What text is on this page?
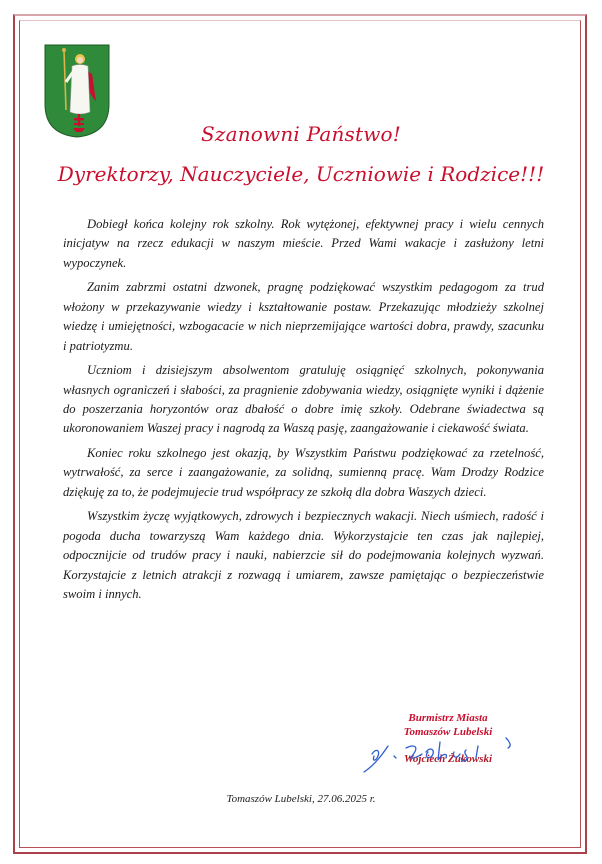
Szanowni Państwo!
Dyrektorzy, Nauczyciele, Uczniowie i Rodzice!!!

Dobiegł końca kolejny rok szkolny. Rok wytężonej, efektywnej pracy i wielu cennych inicjatyw na rzecz edukacji w naszym mieście. Przed Wami wakacje i zasłużony letni wypoczynek.

Zanim zabrzmi ostatni dzwonek, pragnę podziękować wszystkim pedagogom za trud włożony w przekazywanie wiedzy i kształtowanie postaw. Przekazując młodzieży szkolnej wiedzę i umiejętności, wzbogacacie w nich nieprzemijające wartości dobra, prawdy, szacunku i patriotyzmu.

Uczniom i dzisiejszym absolwentom gratuluję osiągnięć szkolnych, pokonywania własnych ograniczeń i słabości, za pragnienie zdobywania wiedzy, osiągnięte wyniki i dążenie do poszerzania horyzontów oraz dbałość o dobre imię szkoły. Odebrane świadectwa są ukoronowaniem Waszej pracy i nagrodą za Waszą pasję, zaangażowanie i ciekawość świata.

Koniec roku szkolnego jest okazją, by Wszystkim Państwu podziękować za rzetelność, wytrwałość, za serce i zaangażowanie, za solidną, sumienną pracę. Wam Drodzy Rodzice dziękuję za to, że podejmujecie trud współpracy ze szkołą dla dobra Waszych dzieci.

Wszystkim życzę wyjątkowych, zdrowych i bezpiecznych wakacji. Niech uśmiech, radość i pogoda ducha towarzyszą Wam każdego dnia. Wykorzystajcie ten czas jak najlepiej, odpocznijcie od trudów pracy i nauki, nabierzcie sił do podejmowania kolejnych wyzwań. Korzystajcie z letnich atrakcji z rozwagą i umiarem, zawsze pamiętając o bezpieczeństwie swoim i innych.

Burmistrz Miasta
Tomaszów Lubelski
Wojciech Żukowski
Tomaszów Lubelski, 27.06.2025 r.
